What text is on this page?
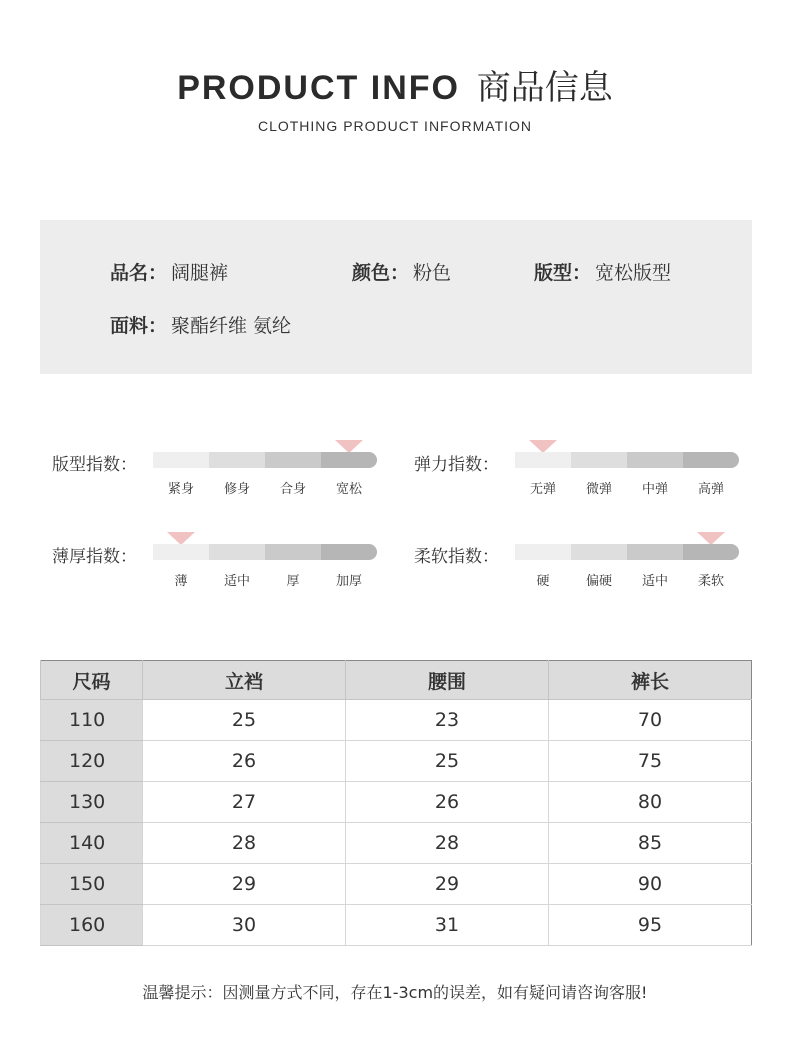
PRODUCT INFO 商品信息
CLOTHING PRODUCT INFORMATION
品名： 阔腿裤	颜色： 粉色	版型： 宽松版型
面料： 聚酯纤维 氨纶
版型指数：
紧身	修身	合身	宽松
弹力指数：
无弹	微弹	中弹	高弹
薄厚指数：
薄	适中	厚	加厚
柔软指数：
硬	偏硬	适中	柔软
尺码	立裆	腰围	裤长
110	25	23	70
120	26	25	75
130	27	26	80
140	28	28	85
150	29	29	90
160	30	31	95
温馨提示：因测量方式不同，存在1-3cm的误差，如有疑问请咨询客服!
